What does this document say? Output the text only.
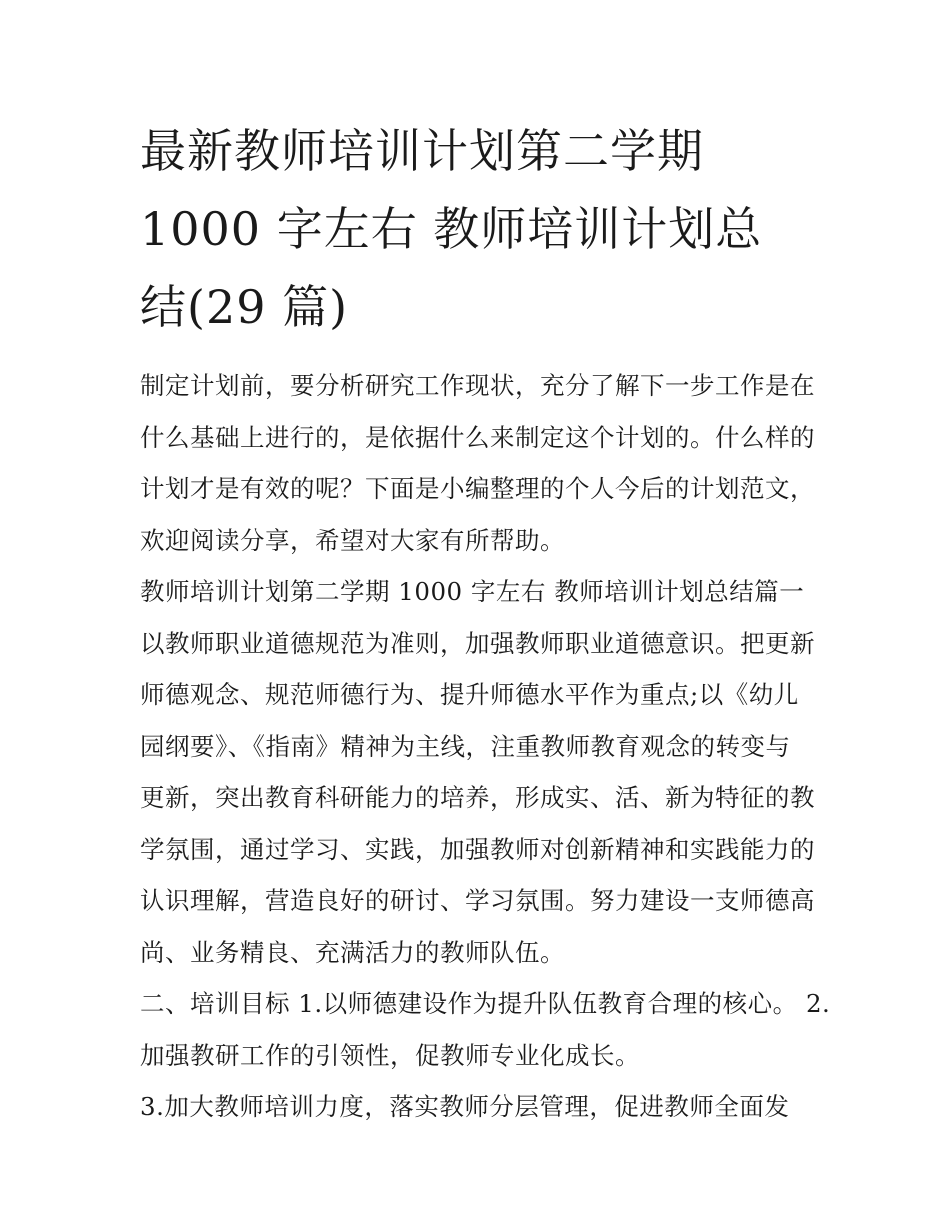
最新教师培训计划第二学期
1000 字左右 教师培训计划总
结(29 篇)

制定计划前，要分析研究工作现状，充分了解下一步工作是在
什么基础上进行的，是依据什么来制定这个计划的。什么样的
计划才是有效的呢？下面是小编整理的个人今后的计划范文，
欢迎阅读分享，希望对大家有所帮助。

教师培训计划第二学期 1000 字左右 教师培训计划总结篇一

以教师职业道德规范为准则，加强教师职业道德意识。把更新
师德观念、规范师德行为、提升师德水平作为重点;以《幼儿
园纲要》、《指南》精神为主线，注重教师教育观念的转变与
更新，突出教育科研能力的培养，形成实、活、新为特征的教
学氛围，通过学习、实践，加强教师对创新精神和实践能力的
认识理解，营造良好的研讨、学习氛围。努力建设一支师德高
尚、业务精良、充满活力的教师队伍。

二、培训目标 1.以师德建设作为提升队伍教育合理的核心。 2.
加强教研工作的引领性，促教师专业化成长。
3.加大教师培训力度，落实教师分层管理，促进教师全面发
